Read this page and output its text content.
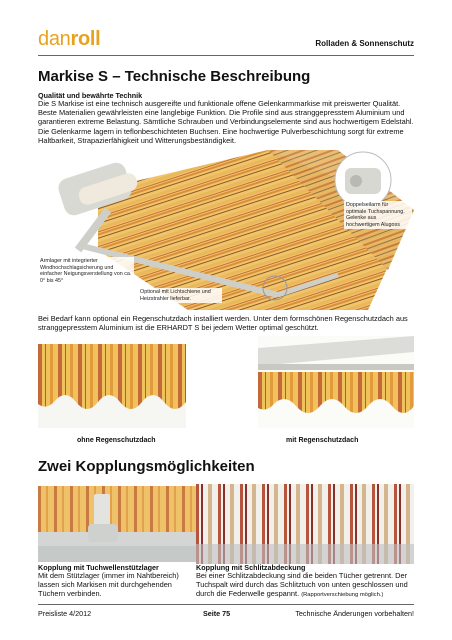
danroll	Rolladen & Sonnenschutz
Markise S – Technische Beschreibung
Qualität und bewährte Technik
Die S Markise ist eine technisch ausgereifte und funktionale offene Gelenkarmmarkise mit preiswerter Qualität. Beste Materialien gewährleisten eine langlebige Funktion. Die Profile sind aus stranggepresstem Aluminium und garantieren extreme Belastung. Sämtliche Schrauben und Verbindungselemente sind aus hochwertigem Edelstahl. Die Gelenkarme lagern in teflonbeschichteten Buchsen. Eine hochwertige Pulverbeschichtung sorgt für extreme Haltbarkeit, Strapazierfähigkeit und Witterungsbeständigkeit.
Doppelseilarm für optimale Tuchspannung. Gelenke aus hochwertigem Alugoss
Armlager mit integrierter Windhochschlagsicherung und einfacher Neigungsverstellung von ca. 0° bis 45°
Optional mit Lichtschiene und Heizstrahler lieferbar.
Bei Bedarf kann optional ein Regenschutzdach installiert werden. Unter dem formschönen Regenschutzdach aus stranggepresstem Aluminium ist die ERHARDT S bei jedem Wetter optimal geschützt.
ohne Regenschutzdach	mit Regenschutzdach
Zwei Kopplungsmöglichkeiten
Kopplung mit Tuchwellenstützlager
Mit dem Stützlager (immer im Nahtbereich) lassen sich Markisen mit durchgehenden Tüchern verbinden.
Kopplung mit Schlitzabdeckung
Bei einer Schlitzabdeckung sind die beiden Tücher getrennt. Der Tuchspalt wird durch das Schlitztuch von unten geschlossen und durch die Federwelle gespannt. (Rapportverschiebung möglich.)
Preisliste 4/2012	Seite 75	Technische Änderungen vorbehalten!
